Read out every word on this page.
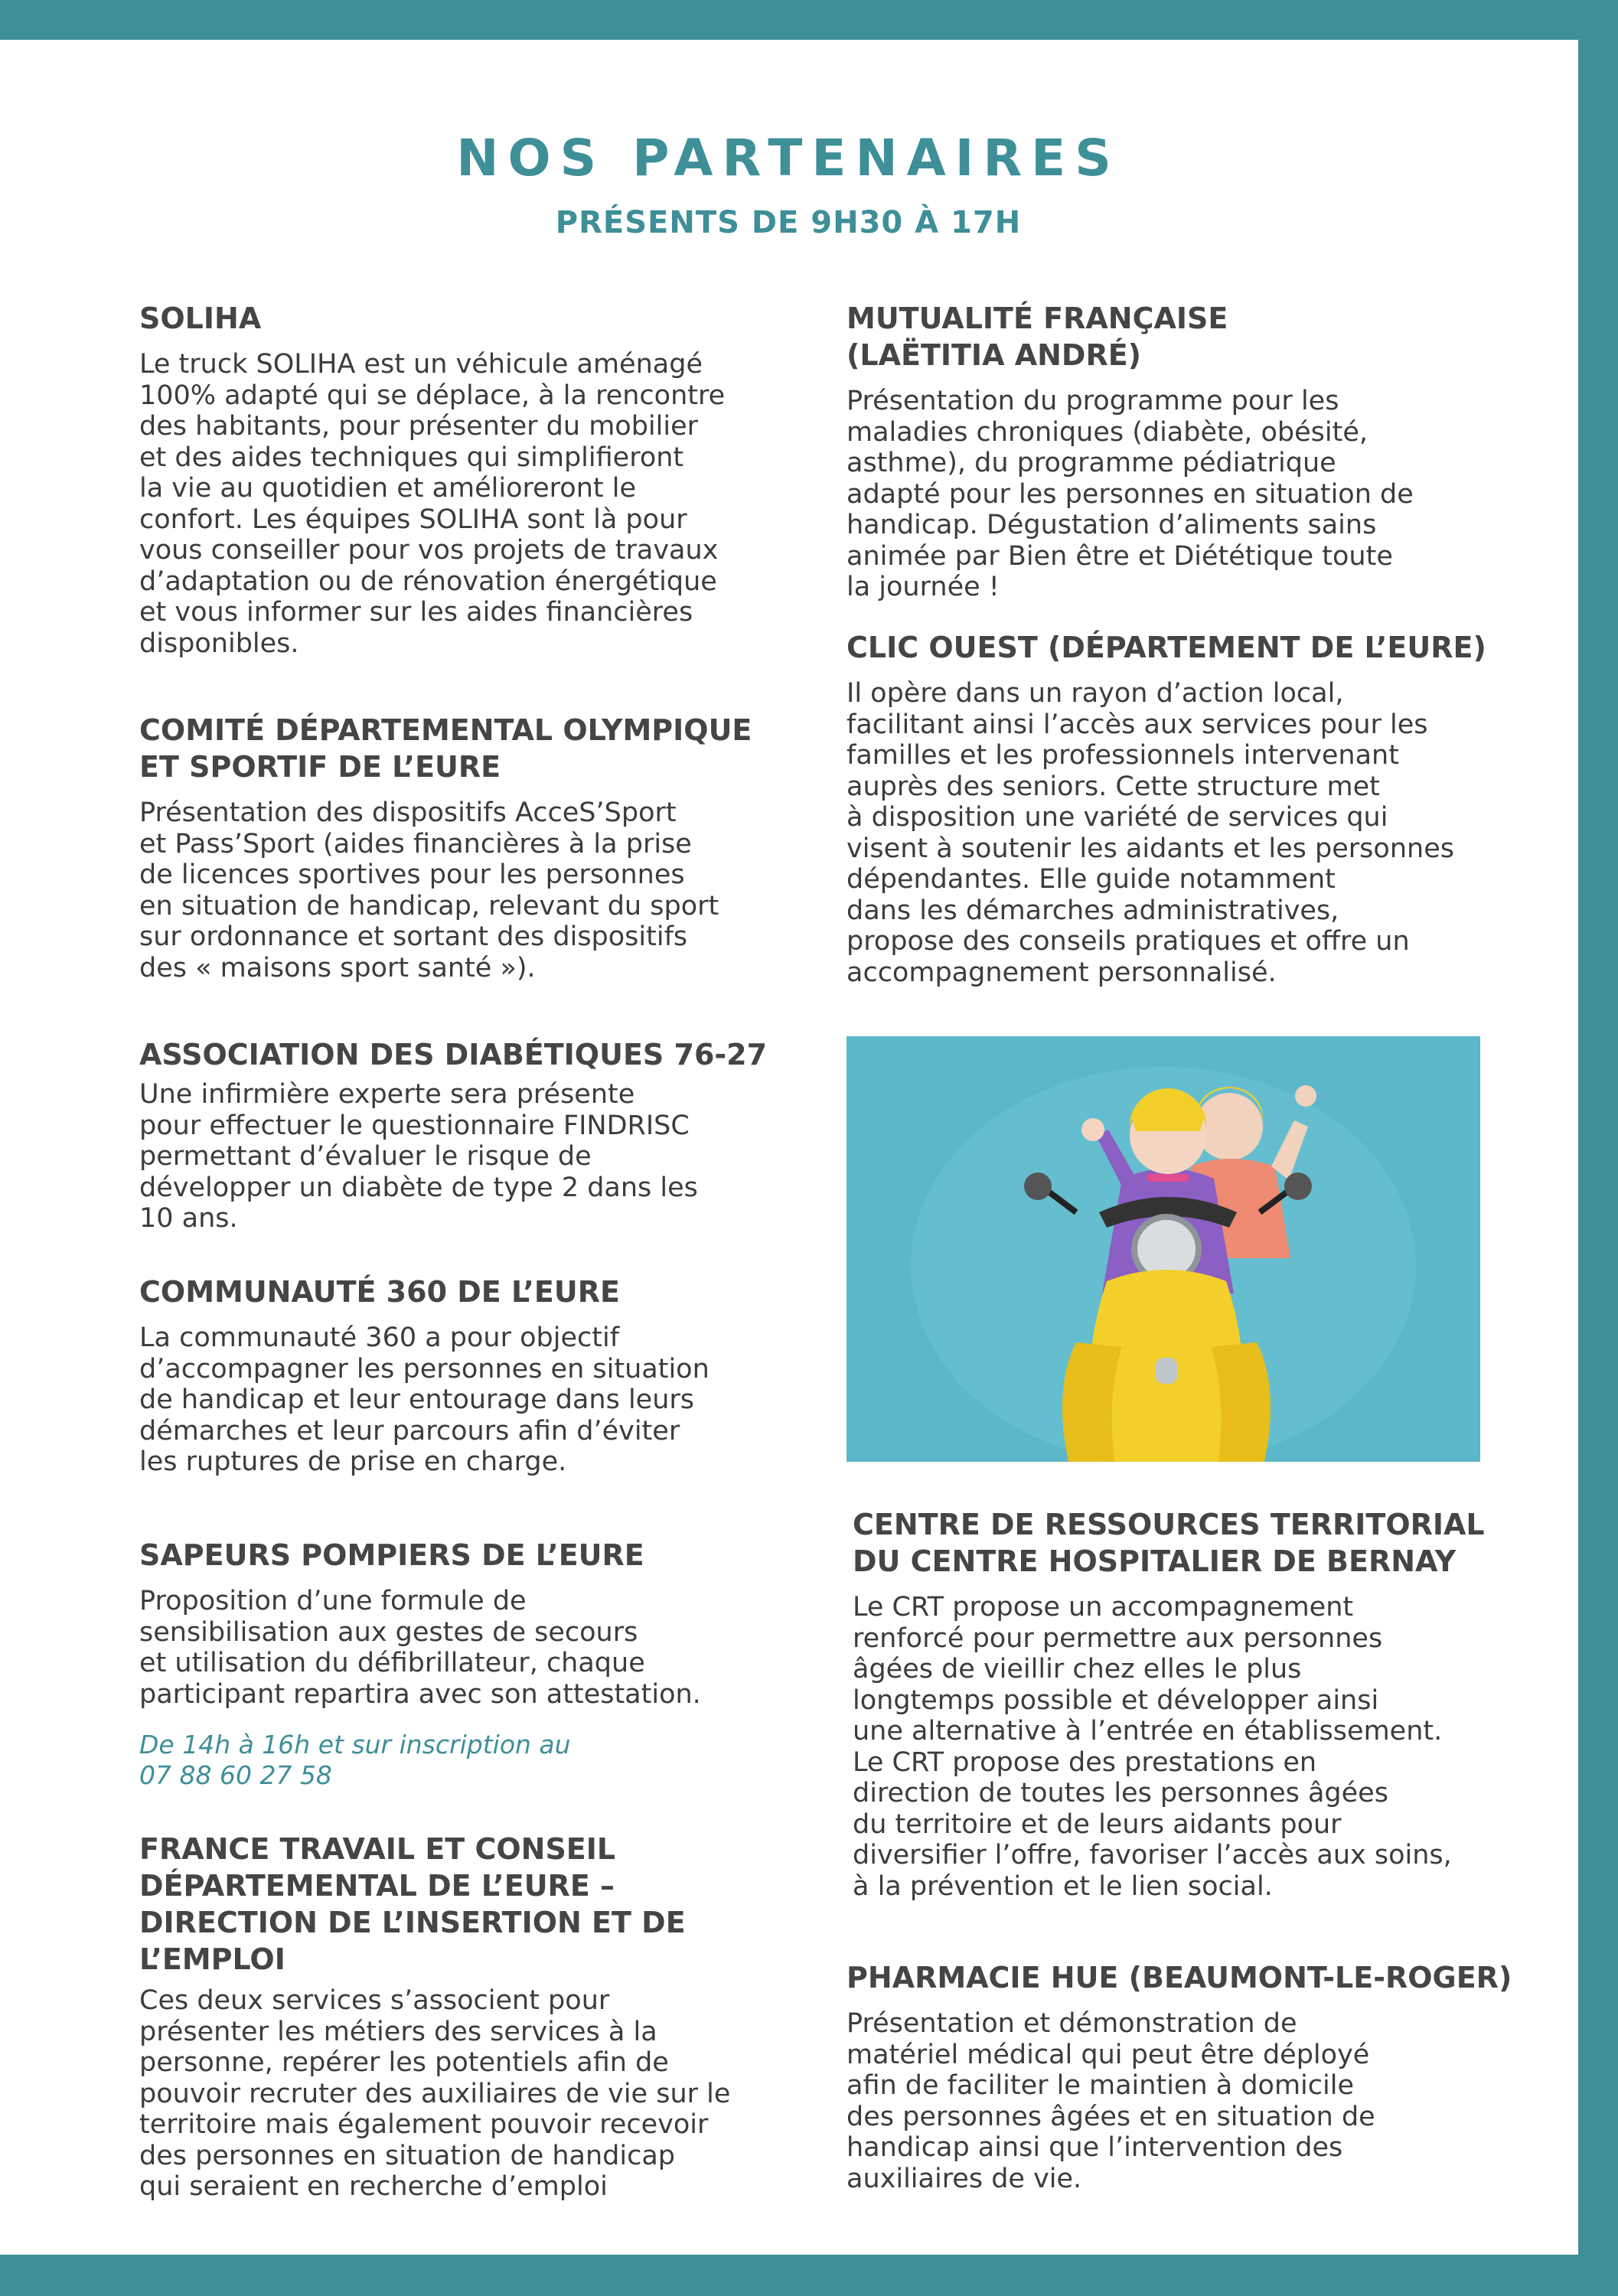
NOS PARTENAIRES
PRÉSENTS DE 9H30 À 17H
SOLIHA

Le truck SOLIHA est un véhicule aménagé
100% adapté qui se déplace, à la rencontre
des habitants, pour présenter du mobilier
et des aides techniques qui simplifieront
la vie au quotidien et amélioreront le
confort. Les équipes SOLIHA sont là pour
vous conseiller pour vos projets de travaux
d’adaptation ou de rénovation énergétique
et vous informer sur les aides financières
disponibles.

COMITÉ DÉPARTEMENTAL OLYMPIQUE
ET SPORTIF DE L’EURE

Présentation des dispositifs AcceS’Sport
et Pass’Sport (aides financières à la prise
de licences sportives pour les personnes
en situation de handicap, relevant du sport
sur ordonnance et sortant des dispositifs
des « maisons sport santé »).

ASSOCIATION DES DIABÉTIQUES 76-27

Une infirmière experte sera présente
pour effectuer le questionnaire FINDRISC
permettant d’évaluer le risque de
développer un diabète de type 2 dans les
10 ans.

COMMUNAUTÉ 360 DE L’EURE

La communauté 360 a pour objectif
d’accompagner les personnes en situation
de handicap et leur entourage dans leurs
démarches et leur parcours afin d’éviter
les ruptures de prise en charge.

SAPEURS POMPIERS DE L’EURE

Proposition d’une formule de
sensibilisation aux gestes de secours
et utilisation du défibrillateur, chaque
participant repartira avec son attestation.

De 14h à 16h et sur inscription au
07 88 60 27 58
FRANCE TRAVAIL ET CONSEIL
DÉPARTEMENTAL DE L’EURE –
DIRECTION DE L’INSERTION ET DE
L’EMPLOI

Ces deux services s’associent pour
présenter les métiers des services à la
personne, repérer les potentiels afin de
pouvoir recruter des auxiliaires de vie sur le
territoire mais également pouvoir recevoir
des personnes en situation de handicap
qui seraient en recherche d’emploi

MUTUALITÉ FRANÇAISE
(LAËTITIA ANDRÉ)

Présentation du programme pour les
maladies chroniques (diabète, obésité,
asthme), du programme pédiatrique
adapté pour les personnes en situation de
handicap. Dégustation d’aliments sains
animée par Bien être et Diététique toute
la journée !

CLIC OUEST (DÉPARTEMENT DE L’EURE)

Il opère dans un rayon d’action local,
facilitant ainsi l’accès aux services pour les
familles et les professionnels intervenant
auprès des seniors. Cette structure met
à disposition une variété de services qui
visent à soutenir les aidants et les personnes
dépendantes. Elle guide notamment
dans les démarches administratives,
propose des conseils pratiques et offre un
accompagnement personnalisé.

CENTRE DE RESSOURCES TERRITORIAL
DU CENTRE HOSPITALIER DE BERNAY

Le CRT propose un accompagnement
renforcé pour permettre aux personnes
âgées de vieillir chez elles le plus
longtemps possible et développer ainsi
une alternative à l’entrée en établissement.
Le CRT propose des prestations en
direction de toutes les personnes âgées
du territoire et de leurs aidants pour
diversifier l’offre, favoriser l’accès aux soins,
à la prévention et le lien social.

PHARMACIE HUE (BEAUMONT-LE-ROGER)

Présentation et démonstration de
matériel médical qui peut être déployé
afin de faciliter le maintien à domicile
des personnes âgées et en situation de
handicap ainsi que l’intervention des
auxiliaires de vie.
